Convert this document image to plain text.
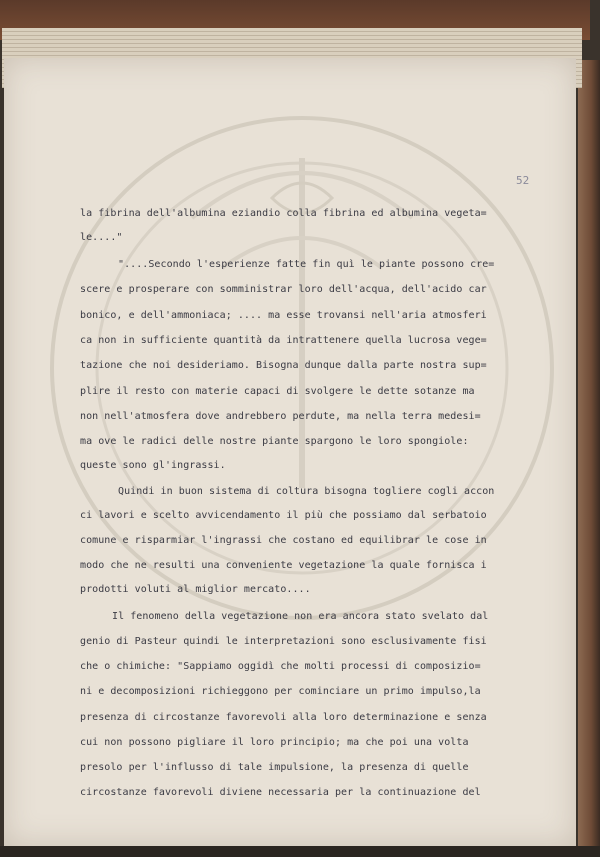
52
la fibrina dell'albumina eziandio colla fibrina ed albumina vegeta=
le...."
"....Secondo l'esperienze fatte fin quì le piante possono cre=
scere e prosperare con somministrar loro dell'acqua, dell'acido car
bonico, e dell'ammoniaca; .... ma esse trovansi nell'aria atmosferi
ca non in sufficiente quantità da intrattenere quella lucrosa vege=
tazione che noi desideriamo. Bisogna dunque dalla parte nostra sup=
plire il resto con materie capaci di svolgere le dette sotanze ma
non nell'atmosfera dove andrebbero perdute, ma nella terra medesi=
ma ove le radici delle nostre piante spargono le loro spongiole:
queste sono gl'ingrassi.
Quindi in buon sistema di coltura bisogna togliere cogli accon
ci lavori e scelto avvicendamento il più che possiamo dal serbatoio
comune e risparmiar l'ingrassi che costano ed equilibrar le cose in
modo che ne resulti una conveniente vegetazione la quale fornisca i
prodotti voluti al miglior mercato....
Il fenomeno della vegetazione non era ancora stato svelato dal
genio di Pasteur quindi le interpretazioni sono esclusivamente fisi
che o chimiche: "Sappiamo oggidì che molti processi di composizio=
ni e decomposizioni richieggono per cominciare un primo impulso,la
presenza di circostanze favorevoli alla loro determinazione e senza
cui non possono pigliare il loro principio; ma che poi una volta
presolo per l'influsso di tale impulsione, la presenza di quelle
circostanze favorevoli diviene necessaria per la continuazione del
